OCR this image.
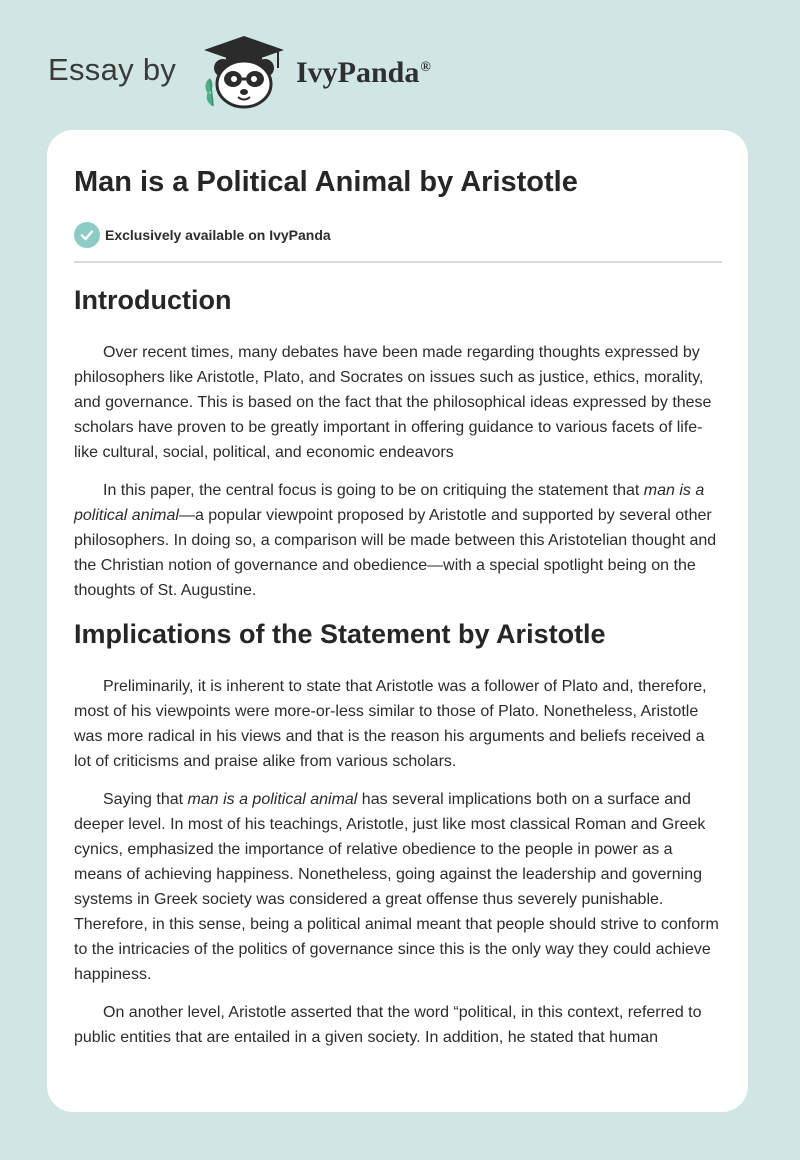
Essay by	IvyPanda®
Man is a Political Animal by Aristotle
Exclusively available on IvyPanda
Introduction

Over recent times, many debates have been made regarding thoughts expressed by philosophers like Aristotle, Plato, and Socrates on issues such as justice, ethics, morality, and governance. This is based on the fact that the philosophical ideas expressed by these scholars have proven to be greatly important in offering guidance to various facets of life-like cultural, social, political, and economic endeavors

In this paper, the central focus is going to be on critiquing the statement that man is a political animal—a popular viewpoint proposed by Aristotle and supported by several other philosophers. In doing so, a comparison will be made between this Aristotelian thought and the Christian notion of governance and obedience—with a special spotlight being on the thoughts of St. Augustine.

Implications of the Statement by Aristotle

Preliminarily, it is inherent to state that Aristotle was a follower of Plato and, therefore, most of his viewpoints were more-or-less similar to those of Plato. Nonetheless, Aristotle was more radical in his views and that is the reason his arguments and beliefs received a lot of criticisms and praise alike from various scholars.

Saying that man is a political animal has several implications both on a surface and deeper level. In most of his teachings, Aristotle, just like most classical Roman and Greek cynics, emphasized the importance of relative obedience to the people in power as a means of achieving happiness. Nonetheless, going against the leadership and governing systems in Greek society was considered a great offense thus severely punishable. Therefore, in this sense, being a political animal meant that people should strive to conform to the intricacies of the politics of governance since this is the only way they could achieve happiness.

On another level, Aristotle asserted that the word “political, in this context, referred to public entities that are entailed in a given society. In addition, he stated that human
